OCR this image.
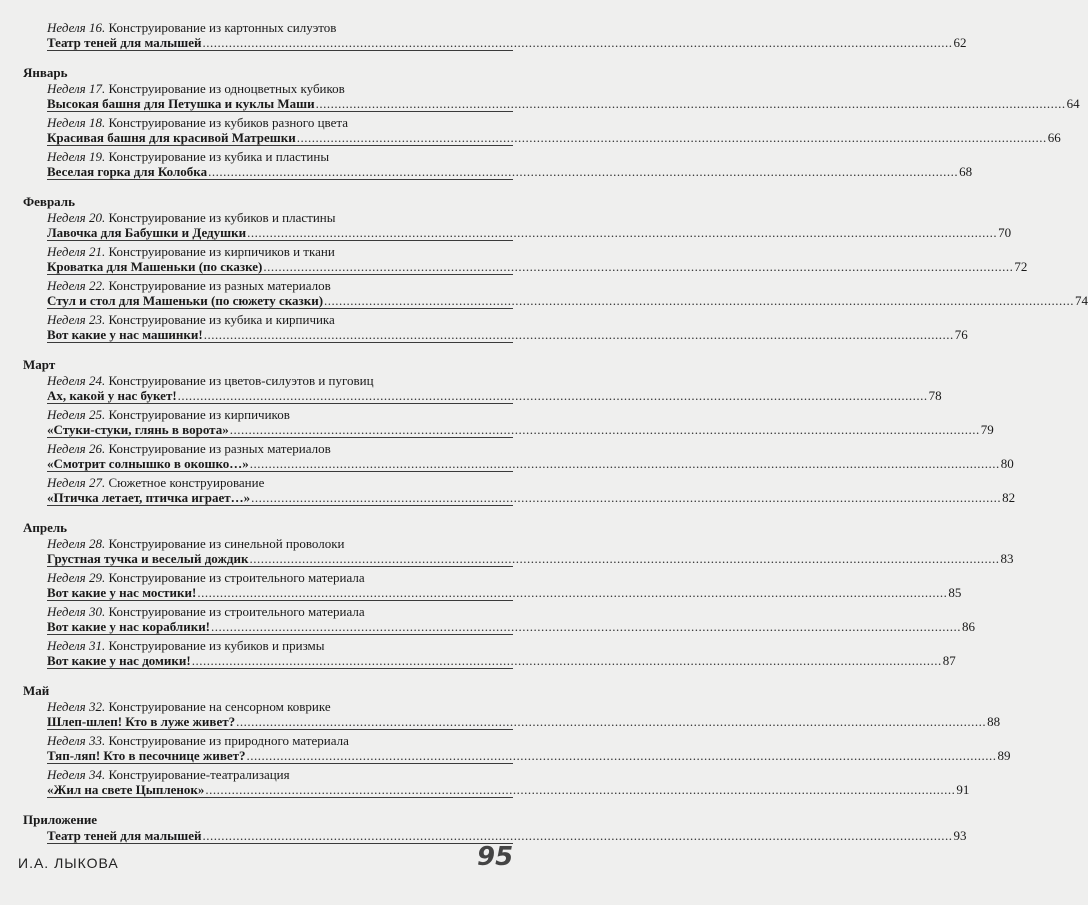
Неделя 16. Конструирование из картонных силуэтов
Театр теней для малышей ........................................................................................................................................................................................................ 62
Январь
Неделя 17. Конструирование из одноцветных кубиков
Высокая башня для Петушка и куклы Маши ........................................................................................................................................................................................................ 64
Неделя 18. Конструирование из кубиков разного цвета
Красивая башня для красивой Матрешки ........................................................................................................................................................................................................ 66
Неделя 19. Конструирование из кубика и пластины
Веселая горка для Колобка ........................................................................................................................................................................................................ 68
Февраль
Неделя 20. Конструирование из кубиков и пластины
Лавочка для Бабушки и Дедушки ........................................................................................................................................................................................................ 70
Неделя 21. Конструирование из кирпичиков и ткани
Кроватка для Машеньки (по сказке) ........................................................................................................................................................................................................ 72
Неделя 22. Конструирование из разных материалов
Стул и стол для Машеньки (по сюжету сказки) ........................................................................................................................................................................................................ 74
Неделя 23. Конструирование из кубика и кирпичика
Вот какие у нас машинки! ........................................................................................................................................................................................................ 76
Март
Неделя 24. Конструирование из цветов-силуэтов и пуговиц
Ах, какой у нас букет! ........................................................................................................................................................................................................ 78
Неделя 25. Конструирование из кирпичиков
«Стуки-стуки, глянь в ворота» ........................................................................................................................................................................................................ 79
Неделя 26. Конструирование из разных материалов
«Смотрит солнышко в окошко…» ........................................................................................................................................................................................................ 80
Неделя 27. Сюжетное конструирование
«Птичка летает, птичка играет…» ........................................................................................................................................................................................................ 82
Апрель
Неделя 28. Конструирование из синельной проволоки
Грустная тучка и веселый дождик ........................................................................................................................................................................................................ 83
Неделя 29. Конструирование из строительного материала
Вот какие у нас мостики! ........................................................................................................................................................................................................ 85
Неделя 30. Конструирование из строительного материала
Вот какие у нас кораблики! ........................................................................................................................................................................................................ 86
Неделя 31. Конструирование из кубиков и призмы
Вот какие у нас домики! ........................................................................................................................................................................................................ 87
Май
Неделя 32. Конструирование на сенсорном коврике
Шлеп-шлеп! Кто в луже живет? ........................................................................................................................................................................................................ 88
Неделя 33. Конструирование из природного материала
Тяп-ляп! Кто в песочнице живет? ........................................................................................................................................................................................................ 89
Неделя 34. Конструирование-театрализация
«Жил на свете Цыпленок» ........................................................................................................................................................................................................ 91
Приложение
Театр теней для малышей ........................................................................................................................................................................................................ 93
И.А. ЛЫКОВА	95
